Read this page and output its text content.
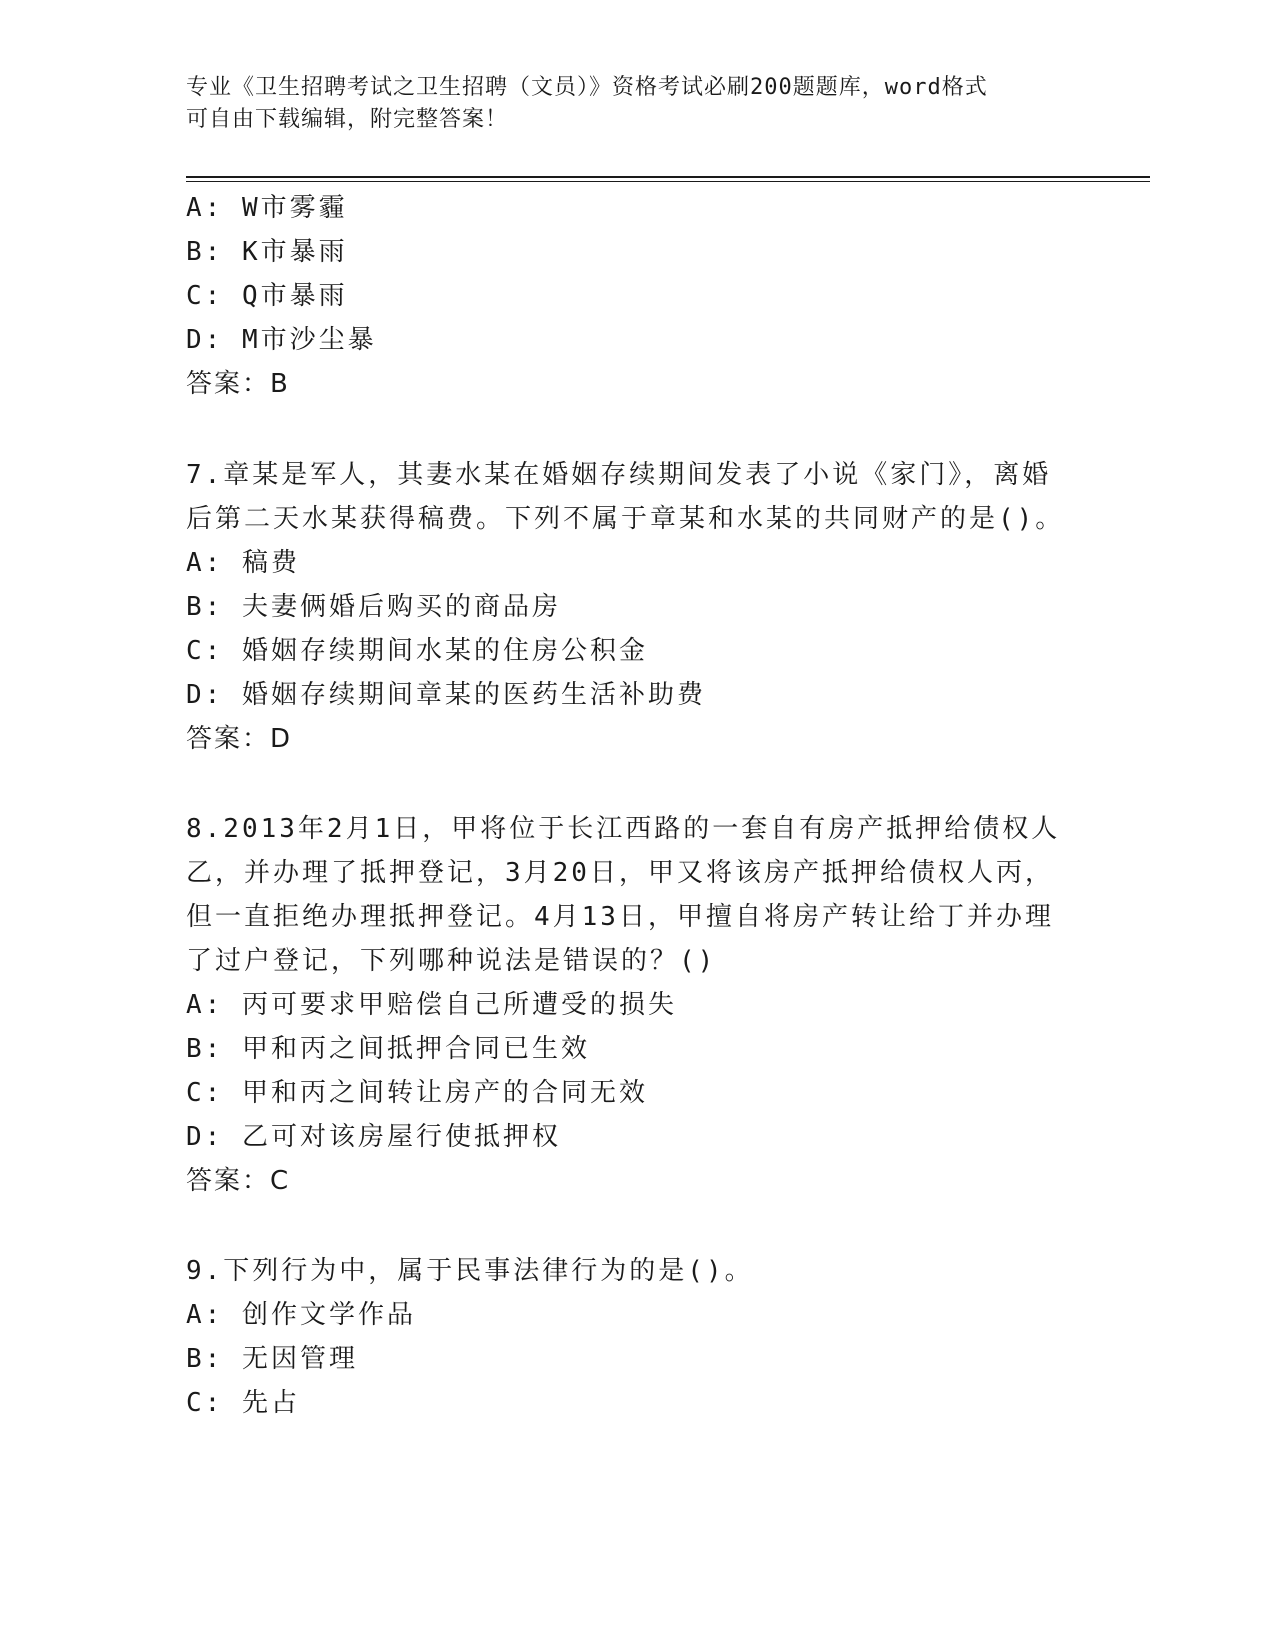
专业《卫生招聘考试之卫生招聘（文员）》资格考试必刷200题题库，word格式
可自由下载编辑，附完整答案！
A: W市雾霾
B: K市暴雨
C: Q市暴雨
D: M市沙尘暴
答案：B
7.章某是军人，其妻水某在婚姻存续期间发表了小说《家门》，离婚
后第二天水某获得稿费。下列不属于章某和水某的共同财产的是()。
A: 稿费
B: 夫妻俩婚后购买的商品房
C: 婚姻存续期间水某的住房公积金
D: 婚姻存续期间章某的医药生活补助费
答案：D
8.2013年2月1日，甲将位于长江西路的一套自有房产抵押给债权人
乙，并办理了抵押登记，3月20日，甲又将该房产抵押给债权人丙，
但一直拒绝办理抵押登记。4月13日，甲擅自将房产转让给丁并办理
了过户登记，下列哪种说法是错误的？()
A: 丙可要求甲赔偿自己所遭受的损失
B: 甲和丙之间抵押合同已生效
C: 甲和丙之间转让房产的合同无效
D: 乙可对该房屋行使抵押权
答案：C
9.下列行为中，属于民事法律行为的是()。
A: 创作文学作品
B: 无因管理
C: 先占
